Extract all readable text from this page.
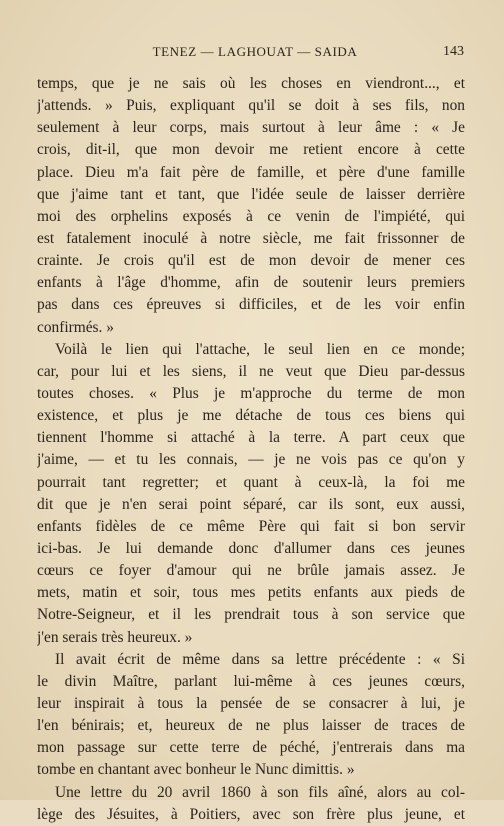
TENEZ — LAGHOUAT — SAIDA	143
temps, que je ne sais où les choses en viendront..., et
j'attends. » Puis, expliquant qu'il se doit à ses fils, non
seulement à leur corps, mais surtout à leur âme : « Je
crois, dit-il, que mon devoir me retient encore à cette
place. Dieu m'a fait père de famille, et père d'une famille
que j'aime tant et tant, que l'idée seule de laisser derrière
moi des orphelins exposés à ce venin de l'impiété, qui
est fatalement inoculé à notre siècle, me fait frissonner de
crainte. Je crois qu'il est de mon devoir de mener ces
enfants à l'âge d'homme, afin de soutenir leurs premiers
pas dans ces épreuves si difficiles, et de les voir enfin
confirmés. »
Voilà le lien qui l'attache, le seul lien en ce monde;
car, pour lui et les siens, il ne veut que Dieu par-dessus
toutes choses. « Plus je m'approche du terme de mon
existence, et plus je me détache de tous ces biens qui
tiennent l'homme si attaché à la terre. A part ceux que
j'aime, — et tu les connais, — je ne vois pas ce qu'on y
pourrait tant regretter; et quant à ceux-là, la foi me
dit que je n'en serai point séparé, car ils sont, eux aussi,
enfants fidèles de ce même Père qui fait si bon servir
ici-bas. Je lui demande donc d'allumer dans ces jeunes
cœurs ce foyer d'amour qui ne brûle jamais assez. Je
mets, matin et soir, tous mes petits enfants aux pieds de
Notre-Seigneur, et il les prendrait tous à son service que
j'en serais très heureux. »
Il avait écrit de même dans sa lettre précédente : « Si
le divin Maître, parlant lui-même à ces jeunes cœurs,
leur inspirait à tous la pensée de se consacrer à lui, je
l'en bénirais; et, heureux de ne plus laisser de traces de
mon passage sur cette terre de péché, j'entrerais dans ma
tombe en chantant avec bonheur le Nunc dimittis. »
Une lettre du 20 avril 1860 à son fils aîné, alors au col-
lège des Jésuites, à Poitiers, avec son frère plus jeune, et
